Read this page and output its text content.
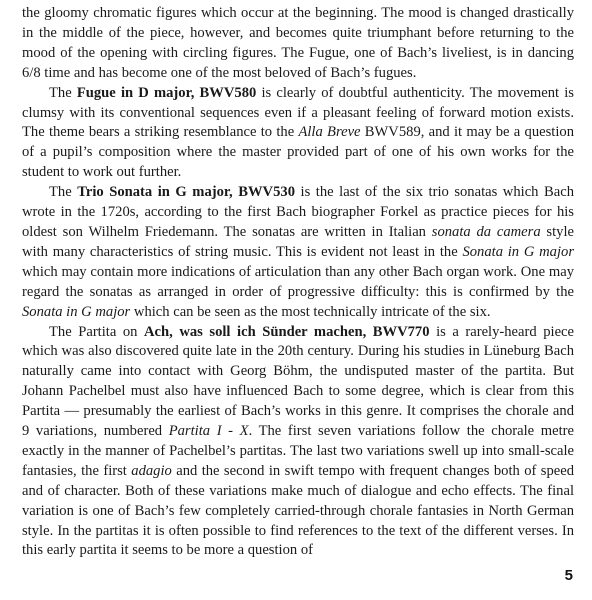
the gloomy chromatic figures which occur at the beginning. The mood is changed drastically in the middle of the piece, however, and becomes quite triumphant before returning to the mood of the opening with circling figures. The Fugue, one of Bach’s liveliest, is in dancing 6/8 time and has become one of the most beloved of Bach’s fugues.

The Fugue in D major, BWV580 is clearly of doubtful authenticity. The movement is clumsy with its conventional sequences even if a pleasant feeling of forward motion exists. The theme bears a striking resemblance to the Alla Breve BWV589, and it may be a question of a pupil’s composition where the master provided part of one of his own works for the student to work out further.

The Trio Sonata in G major, BWV530 is the last of the six trio sonatas which Bach wrote in the 1720s, according to the first Bach biographer Forkel as practice pieces for his oldest son Wilhelm Friedemann. The sonatas are written in Italian sonata da camera style with many characteristics of string music. This is evident not least in the Sonata in G major which may contain more indications of articulation than any other Bach organ work. One may regard the sonatas as arranged in order of progressive difficulty: this is confirmed by the Sonata in G major which can be seen as the most technically intricate of the six.

The Partita on Ach, was soll ich Sünder machen, BWV770 is a rarely-heard piece which was also discovered quite late in the 20th century. During his studies in Lüneburg Bach naturally came into contact with Georg Böhm, the undisputed master of the partita. But Johann Pachelbel must also have influenced Bach to some degree, which is clear from this Partita — presumably the earliest of Bach’s works in this genre. It comprises the chorale and 9 variations, numbered Partita I - X. The first seven variations follow the chorale metre exactly in the manner of Pachelbel’s partitas. The last two variations swell up into small-scale fantasies, the first adagio and the second in swift tempo with frequent changes both of speed and of character. Both of these variations make much of dialogue and echo effects. The final variation is one of Bach’s few completely carried-through chorale fantasies in North German style. In the partitas it is often possible to find references to the text of the different verses. In this early partita it seems to be more a question of

5
